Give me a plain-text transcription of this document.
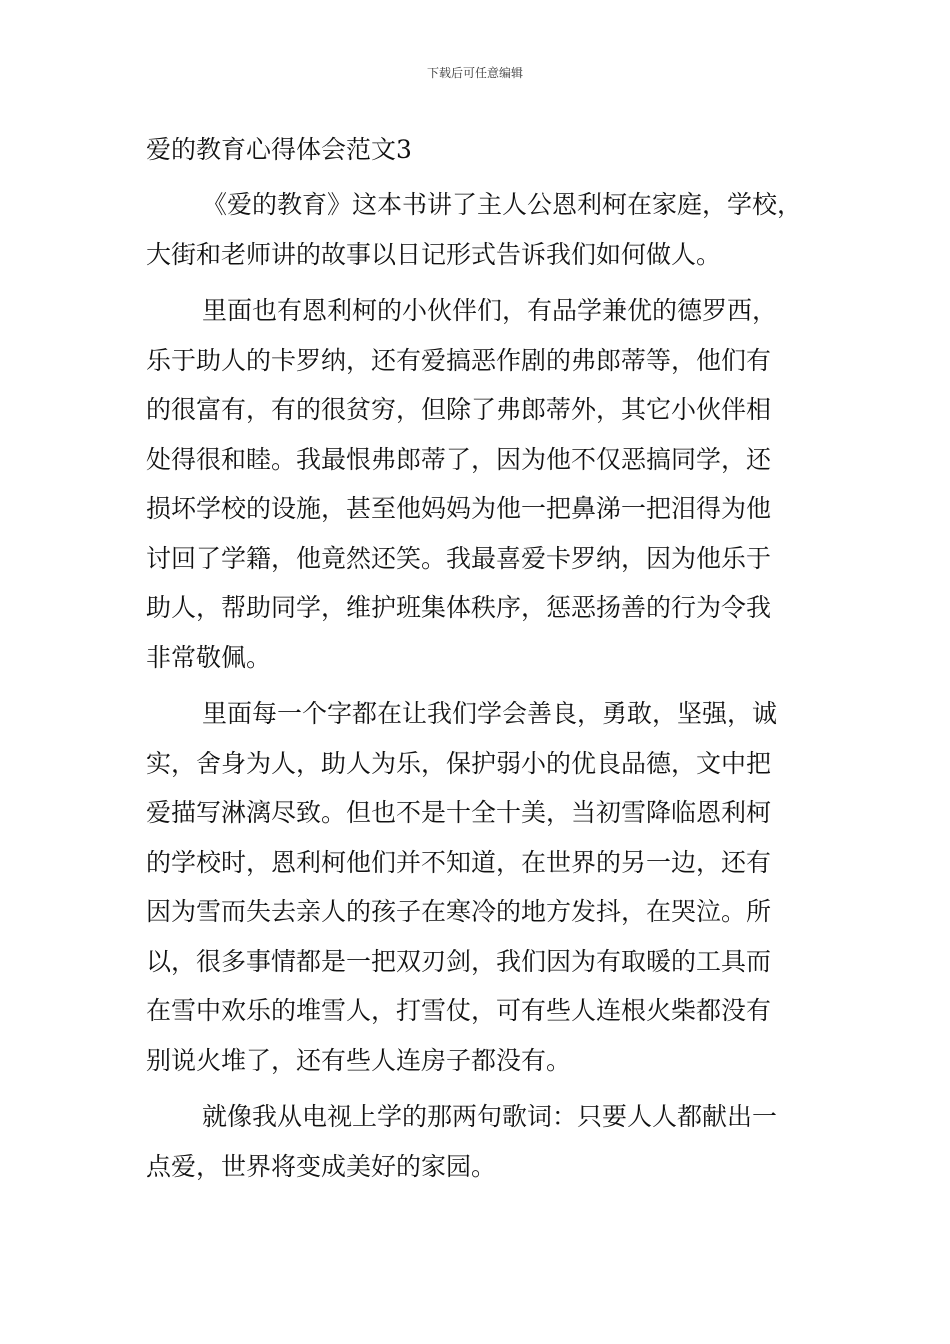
下载后可任意编辑
爱的教育心得体会范文3

《爱的教育》这本书讲了主人公恩利柯在家庭，学校，
大街和老师讲的故事以日记形式告诉我们如何做人。

里面也有恩利柯的小伙伴们，有品学兼优的德罗西，
乐于助人的卡罗纳，还有爱搞恶作剧的弗郎蒂等，他们有
的很富有，有的很贫穷，但除了弗郎蒂外，其它小伙伴相
处得很和睦。我最恨弗郎蒂了，因为他不仅恶搞同学，还
损坏学校的设施，甚至他妈妈为他一把鼻涕一把泪得为他
讨回了学籍，他竟然还笑。我最喜爱卡罗纳，因为他乐于
助人，帮助同学，维护班集体秩序，惩恶扬善的行为令我
非常敬佩。

里面每一个字都在让我们学会善良，勇敢，坚强，诚
实，舍身为人，助人为乐，保护弱小的优良品德，文中把
爱描写淋漓尽致。但也不是十全十美，当初雪降临恩利柯
的学校时，恩利柯他们并不知道，在世界的另一边，还有
因为雪而失去亲人的孩子在寒冷的地方发抖，在哭泣。所
以，很多事情都是一把双刃剑，我们因为有取暖的工具而
在雪中欢乐的堆雪人，打雪仗，可有些人连根火柴都没有
别说火堆了，还有些人连房子都没有。

就像我从电视上学的那两句歌词：只要人人都献出一
点爱，世界将变成美好的家园。
